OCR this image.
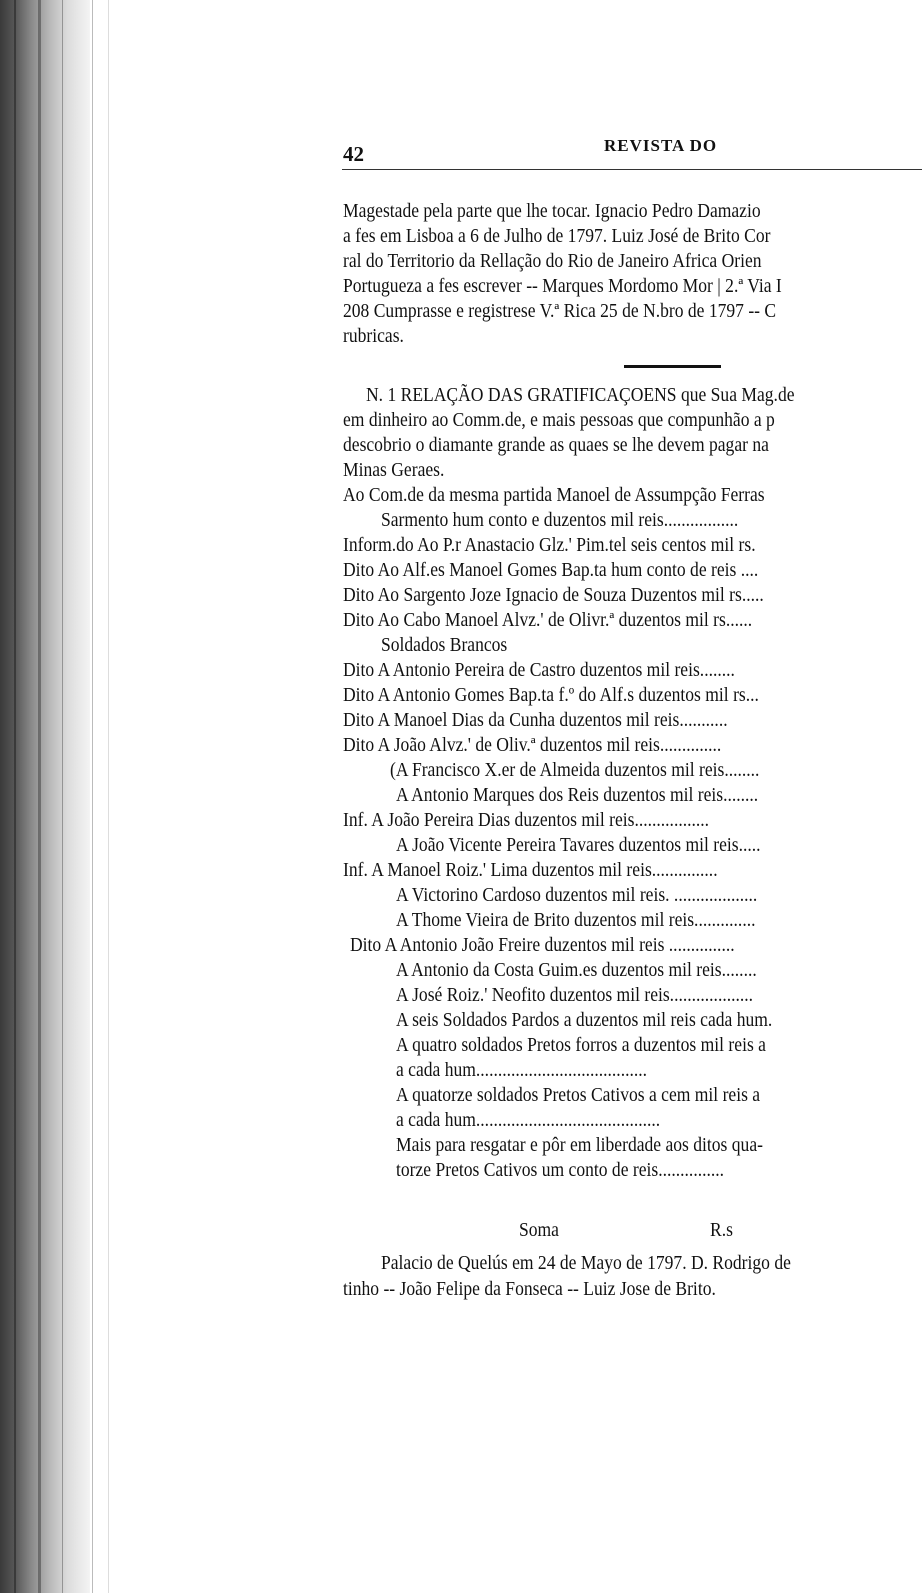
42	REVISTA DO
Magestade pela parte que lhe tocar. Ignacio Pedro Damazio
a fes em Lisboa a 6 de Julho de 1797. Luiz José de Brito Cor
ral do Territorio da Rellação do Rio de Janeiro Africa Orien
Portugueza a fes escrever -- Marques Mordomo Mor | 2.ª Via I
208 Cumprasse e registrese V.ª Rica 25 de N.bro de 1797 -- C
rubricas.
N. 1 RELAÇÃO DAS GRATIFICAÇOENS que Sua Mag.de
em dinheiro ao Comm.de, e mais pessoas que compunhão a p
descobrio o diamante grande as quaes se lhe devem pagar na
Minas Geraes.
Ao Com.de da mesma partida Manoel de Assumpção Ferras
Sarmento hum conto e duzentos mil reis.................
Inform.do Ao P.r Anastacio Glz.' Pim.tel seis centos mil rs.
Dito Ao Alf.es Manoel Gomes Bap.ta hum conto de reis ....
Dito Ao Sargento Joze Ignacio de Souza Duzentos mil rs.....
Dito Ao Cabo Manoel Alvz.' de Olivr.ª duzentos mil rs......
Soldados Brancos
Dito A Antonio Pereira de Castro duzentos mil reis........
Dito A Antonio Gomes Bap.ta f.º do Alf.s duzentos mil rs...
Dito A Manoel Dias da Cunha duzentos mil reis...........
Dito A João Alvz.' de Oliv.ª duzentos mil reis..............
(A Francisco X.er de Almeida duzentos mil reis........
A Antonio Marques dos Reis duzentos mil reis........
Inf. A João Pereira Dias duzentos mil reis.................
A João Vicente Pereira Tavares duzentos mil reis.....
Inf. A Manoel Roiz.' Lima duzentos mil reis...............
A Victorino Cardoso duzentos mil reis. ...................
A Thome Vieira de Brito duzentos mil reis..............
Dito A Antonio João Freire duzentos mil reis ...............
A Antonio da Costa Guim.es duzentos mil reis........
A José Roiz.' Neofito duzentos mil reis...................
A seis Soldados Pardos a duzentos mil reis cada hum.
A quatro soldados Pretos forros a duzentos mil reis a
a cada hum.......................................
A quatorze soldados Pretos Cativos a cem mil reis a
a cada hum..........................................
Mais para resgatar e pôr em liberdade aos ditos qua-
torze Pretos Cativos um conto de reis...............
Soma	R.s
Palacio de Quelús em 24 de Mayo de 1797. D. Rodrigo de
tinho -- João Felipe da Fonseca -- Luiz Jose de Brito.
